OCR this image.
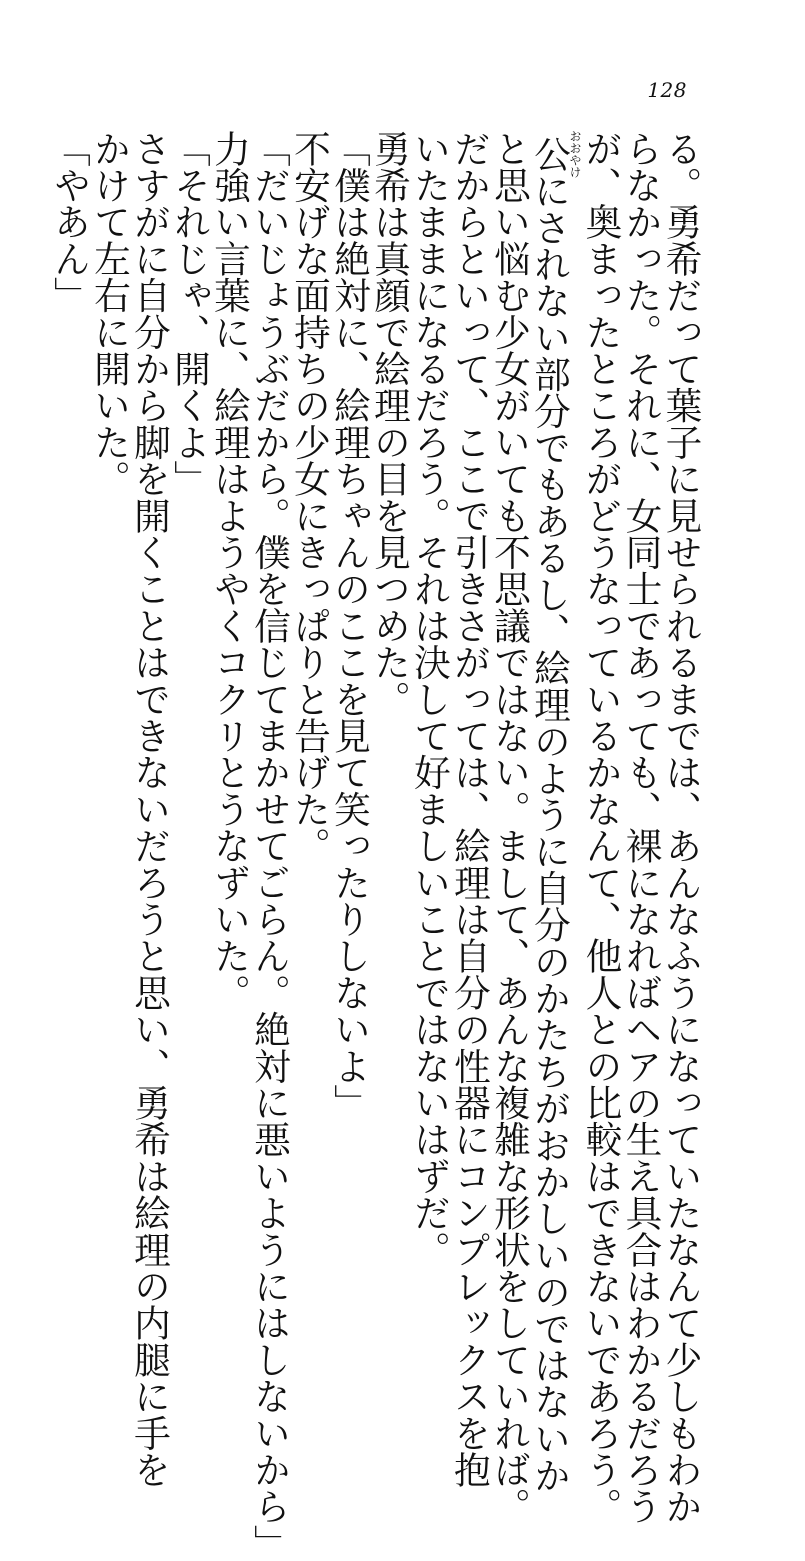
128
る。勇希だって葉子に見せられるまでは、あんなふうになっていたなんて少しもわか
らなかった。それに、女同士であっても、裸になればヘアの生え具合はわかるだろう
が、奥まったところがどうなっているかなんて、他人との比較はできないであろう。
公おおやけにされない部分でもあるし、絵理のように自分のかたちがおかしいのではないか
と思い悩む少女がいても不思議ではない。まして、あんな複雑な形状をしていれば。
だからといって、ここで引きさがっては、絵理は自分の性器にコンプレックスを抱
いたままになるだろう。それは決して好ましいことではないはずだ。
勇希は真顔で絵理の目を見つめた。
「僕は絶対に、絵理ちゃんのここを見て笑ったりしないよ」
不安げな面持ちの少女にきっぱりと告げた。
「だいじょうぶだから。僕を信じてまかせてごらん。絶対に悪いようにはしないから」
力強い言葉に、絵理はようやくコクリとうなずいた。
「それじゃ、開くよ」
さすがに自分から脚を開くことはできないだろうと思い、勇希は絵理の内腿に手を
かけて左右に開いた。
「やあん」
